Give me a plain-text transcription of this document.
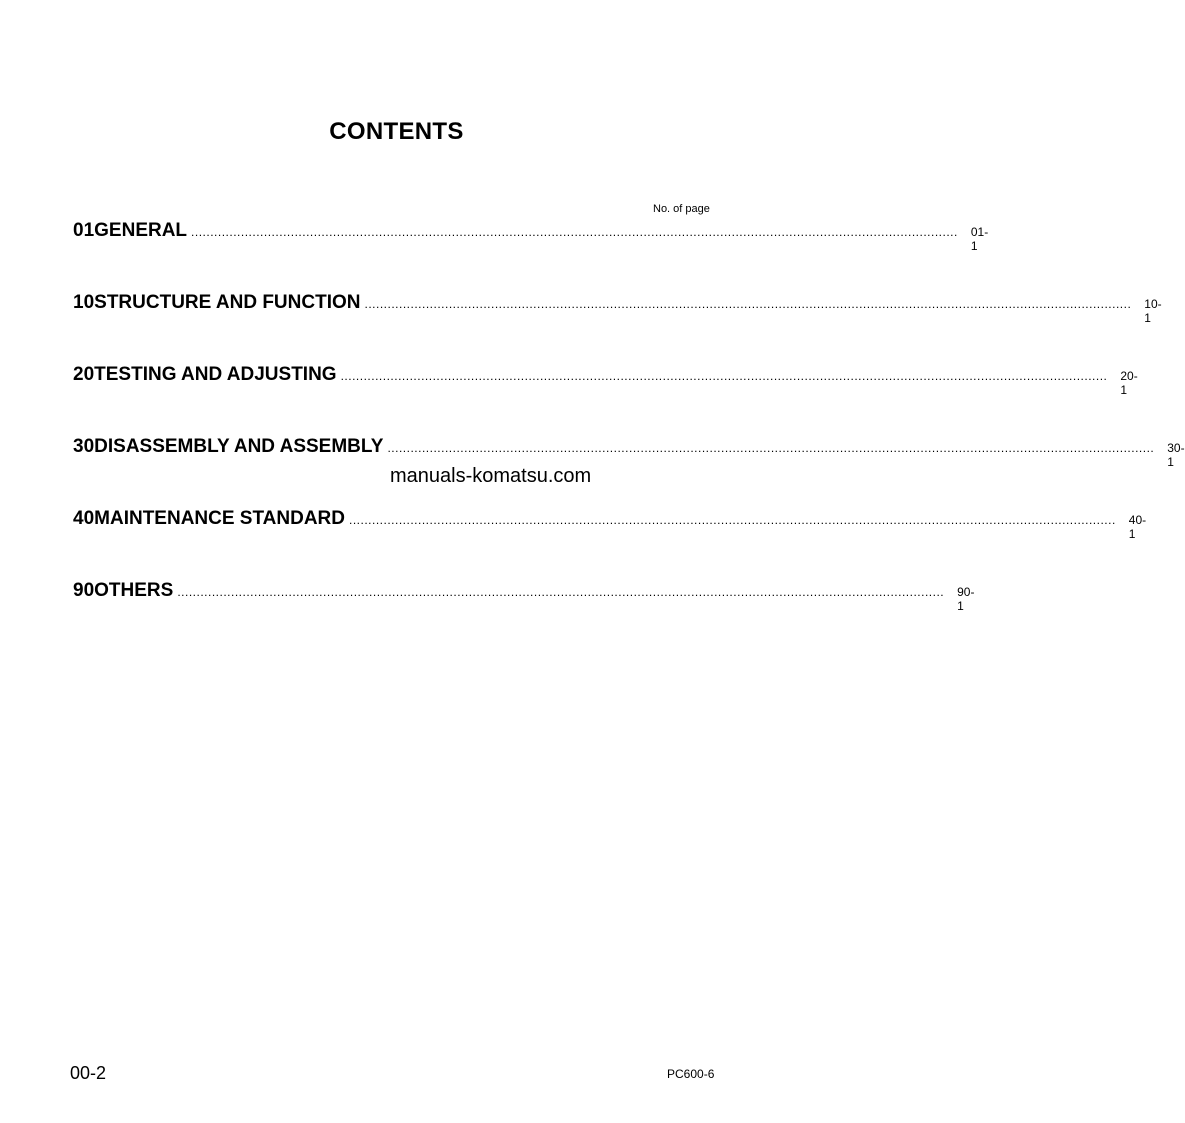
CONTENTS
No. of page
01 GENERAL ........................................................................................................................................................................................................	01-1
10 STRUCTURE AND FUNCTION ........................................................................................................................................................................................................	10-1
20 TESTING AND ADJUSTING ........................................................................................................................................................................................................	20-1
30 DISASSEMBLY AND ASSEMBLY ........................................................................................................................................................................................................	30-1
40 MAINTENANCE STANDARD ........................................................................................................................................................................................................	40-1
90 OTHERS ........................................................................................................................................................................................................	90-1
manuals-komatsu.com
00-2	PC600-6
